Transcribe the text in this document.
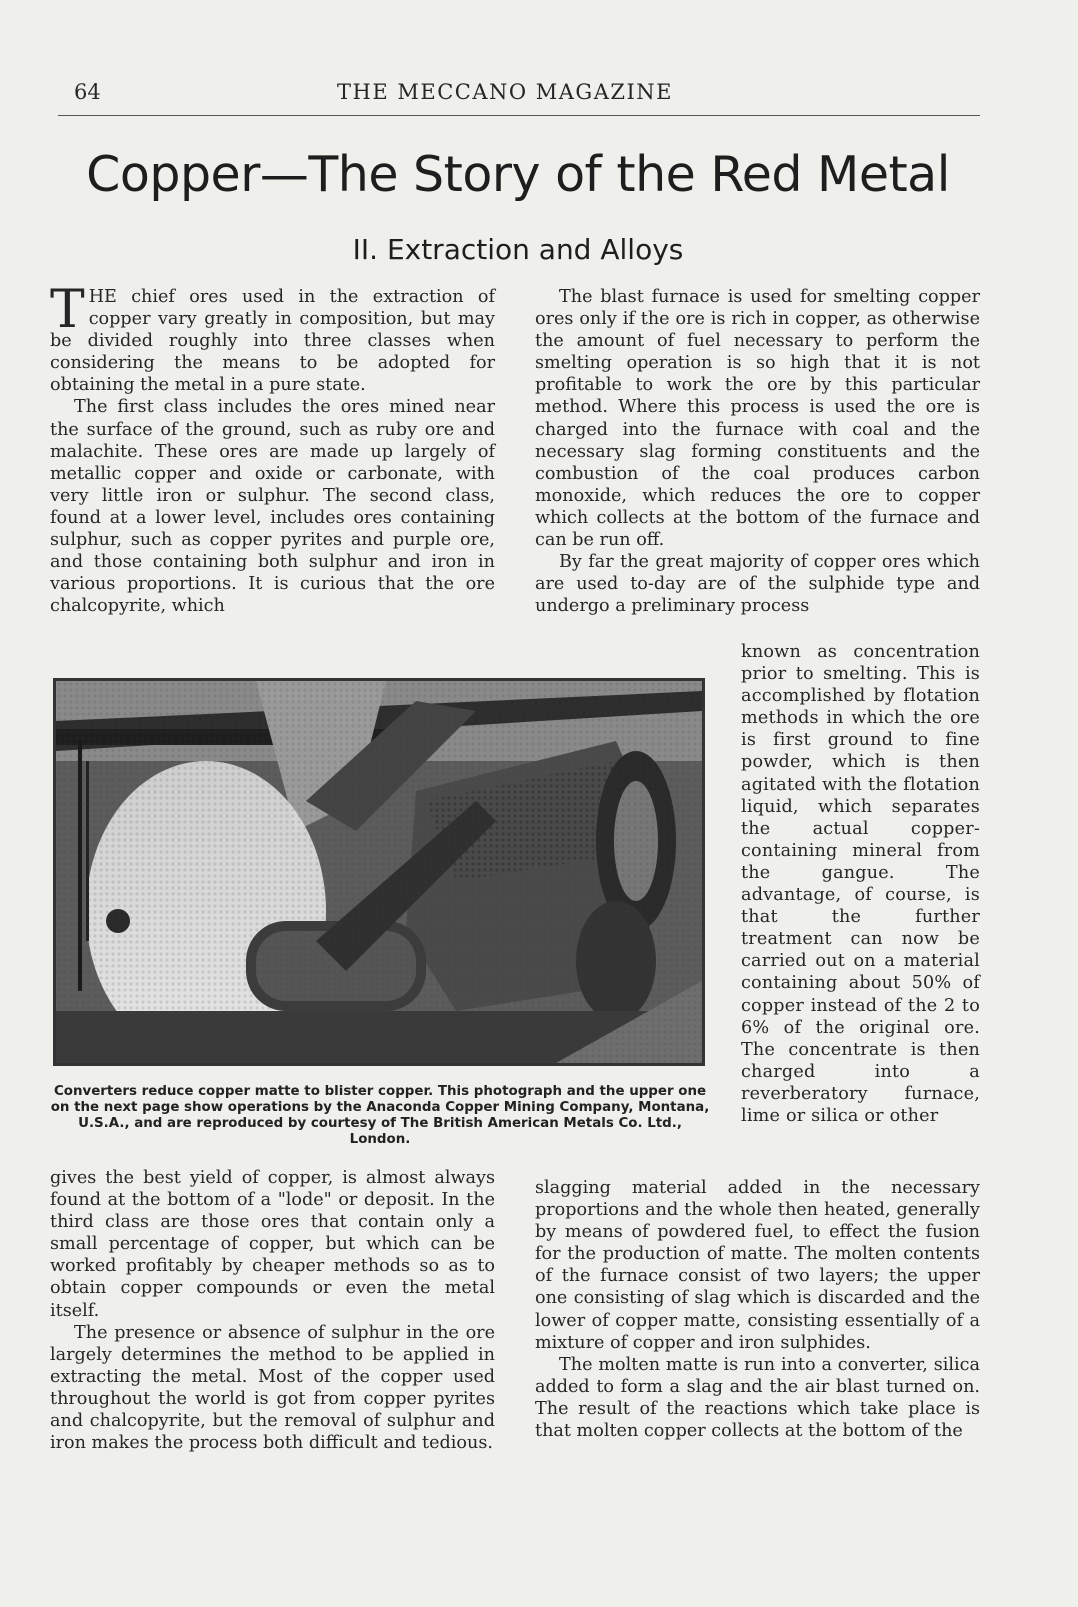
64	THE MECCANO MAGAZINE
Copper—The Story of the Red Metal
II. Extraction and Alloys

THE chief ores used in the extraction of copper vary greatly in composition, but may be divided roughly into three classes when considering the means to be adopted for obtaining the metal in a pure state.

The first class includes the ores mined near the surface of the ground, such as ruby ore and malachite. These ores are made up largely of metallic copper and oxide or carbonate, with very little iron or sulphur. The second class, found at a lower level, includes ores containing sulphur, such as copper pyrites and purple ore, and those containing both sulphur and iron in various proportions. It is curious that the ore chalcopyrite, which

Converters reduce copper matte to blister copper. This photograph and the upper one on the next page show operations by the Anaconda Copper Mining Company, Montana, U.S.A., and are reproduced by courtesy of The British American Metals Co. Ltd., London.

gives the best yield of copper, is almost always found at the bottom of a "lode" or deposit. In the third class are those ores that contain only a small percentage of copper, but which can be worked profitably by cheaper methods so as to obtain copper compounds or even the metal itself.

The presence or absence of sulphur in the ore largely determines the method to be applied in extracting the metal. Most of the copper used throughout the world is got from copper pyrites and chalcopyrite, but the removal of sulphur and iron makes the process both difficult and tedious.

The blast furnace is used for smelting copper ores only if the ore is rich in copper, as otherwise the amount of fuel necessary to perform the smelting operation is so high that it is not profitable to work the ore by this particular method. Where this process is used the ore is charged into the furnace with coal and the necessary slag forming constituents and the combustion of the coal produces carbon monoxide, which reduces the ore to copper which collects at the bottom of the furnace and can be run off.

By far the great majority of copper ores which are used to-day are of the sulphide type and undergo a preliminary process

known as concentration prior to smelting. This is accomplished by flotation methods in which the ore is first ground to fine powder, which is then agitated with the flotation liquid, which separates the actual copper-containing mineral from the gangue. The advantage, of course, is that the further treatment can now be carried out on a material containing about 50% of copper instead of the 2 to 6% of the original ore. The concentrate is then charged into a reverberatory furnace, lime or silica or other

slagging material added in the necessary proportions and the whole then heated, generally by means of powdered fuel, to effect the fusion for the production of matte. The molten contents of the furnace consist of two layers; the upper one consisting of slag which is discarded and the lower of copper matte, consisting essentially of a mixture of copper and iron sulphides.

The molten matte is run into a converter, silica added to form a slag and the air blast turned on. The result of the reactions which take place is that molten copper collects at the bottom of the
